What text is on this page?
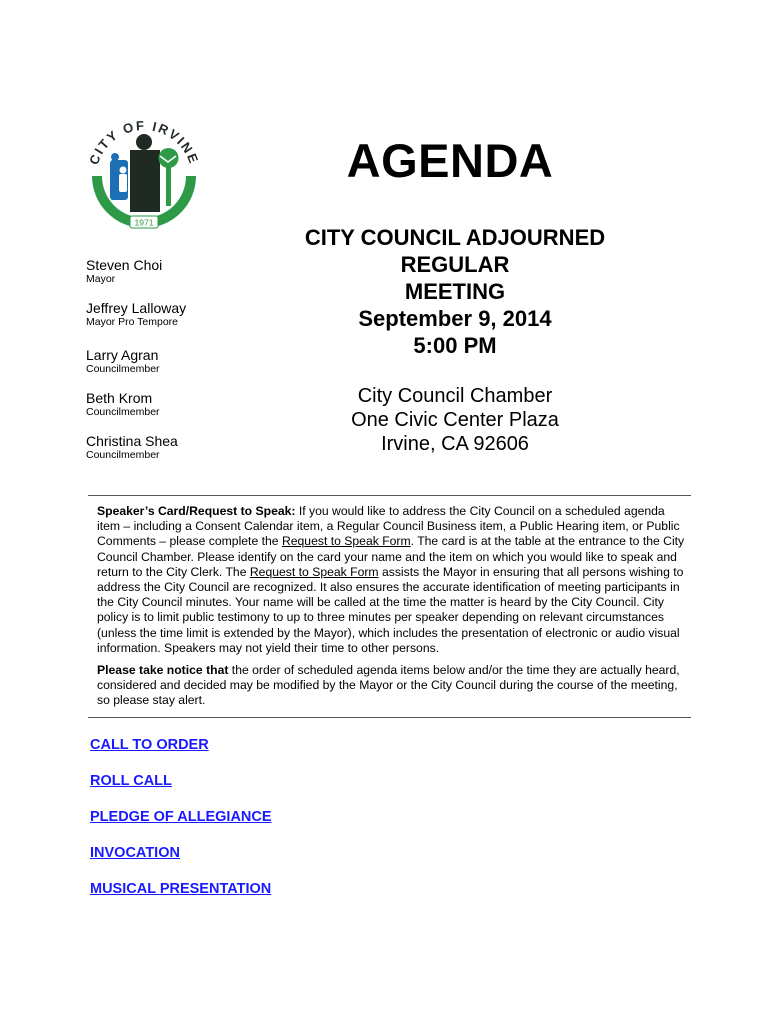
CITY OF IRVINE
1971
Steven Choi
Mayor
Jeffrey Lalloway
Mayor Pro Tempore
Larry Agran
Councilmember
Beth Krom
Councilmember
Christina Shea
Councilmember
AGENDA
CITY COUNCIL ADJOURNED
REGULAR
MEETING
September 9, 2014
5:00 PM
City Council Chamber
One Civic Center Plaza
Irvine, CA 92606
Speaker’s Card/Request to Speak: If you would like to address the City Council on a scheduled agenda item – including a Consent Calendar item, a Regular Council Business item, a Public Hearing item, or Public Comments – please complete the Request to Speak Form. The card is at the table at the entrance to the City Council Chamber. Please identify on the card your name and the item on which you would like to speak and return to the City Clerk. The Request to Speak Form assists the Mayor in ensuring that all persons wishing to address the City Council are recognized. It also ensures the accurate identification of meeting participants in the City Council minutes. Your name will be called at the time the matter is heard by the City Council. City policy is to limit public testimony to up to three minutes per speaker depending on relevant circumstances (unless the time limit is extended by the Mayor), which includes the presentation of electronic or audio visual information. Speakers may not yield their time to other persons.
Please take notice that the order of scheduled agenda items below and/or the time they are actually heard, considered and decided may be modified by the Mayor or the City Council during the course of the meeting, so please stay alert.
CALL TO ORDER
ROLL CALL
PLEDGE OF ALLEGIANCE
INVOCATION
MUSICAL PRESENTATION
